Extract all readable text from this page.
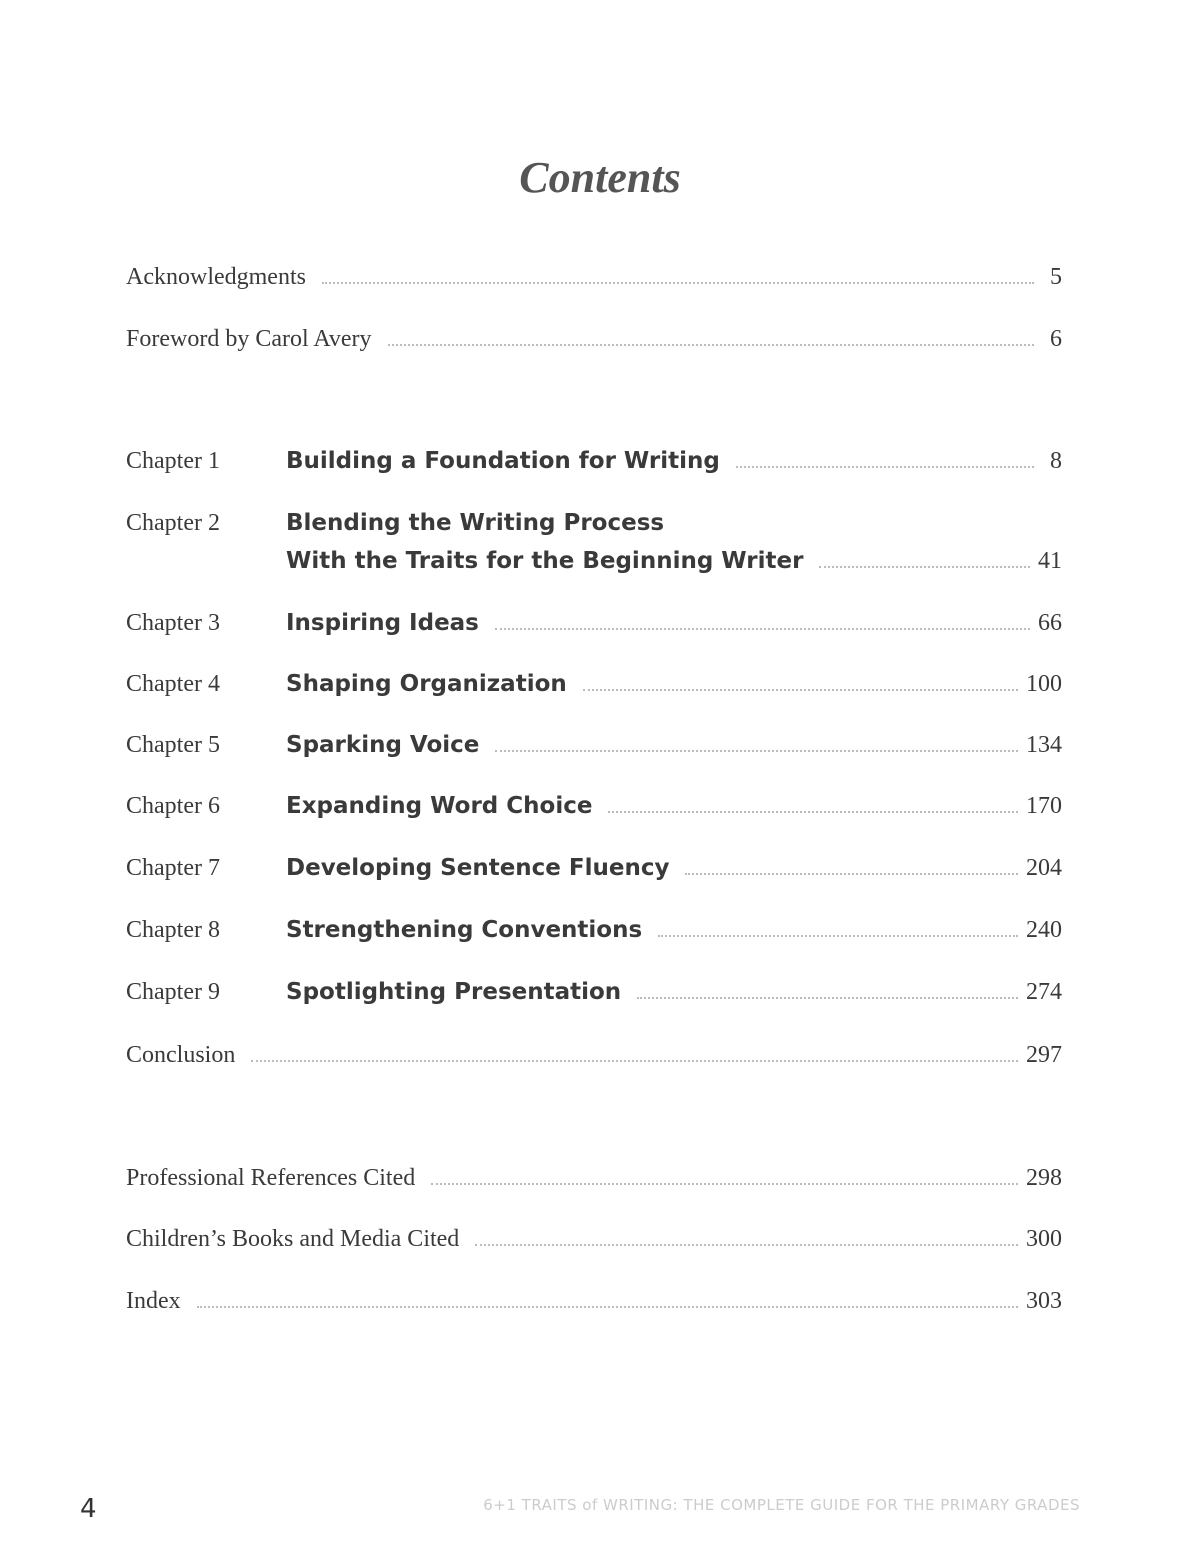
Contents
Acknowledgments	5
Foreword by Carol Avery	6
Chapter 1	Building a Foundation for Writing	8
Chapter 2	Blending the Writing Process
With the Traits for the Beginning Writer	41
Chapter 3	Inspiring Ideas	66
Chapter 4	Shaping Organization	100
Chapter 5	Sparking Voice	134
Chapter 6	Expanding Word Choice	170
Chapter 7	Developing Sentence Fluency	204
Chapter 8	Strengthening Conventions	240
Chapter 9	Spotlighting Presentation	274
Conclusion	297
Professional References Cited	298
Children’s Books and Media Cited	300
Index	303
4	6+1 TRAITS of WRITING: THE COMPLETE GUIDE FOR THE PRIMARY GRADES
